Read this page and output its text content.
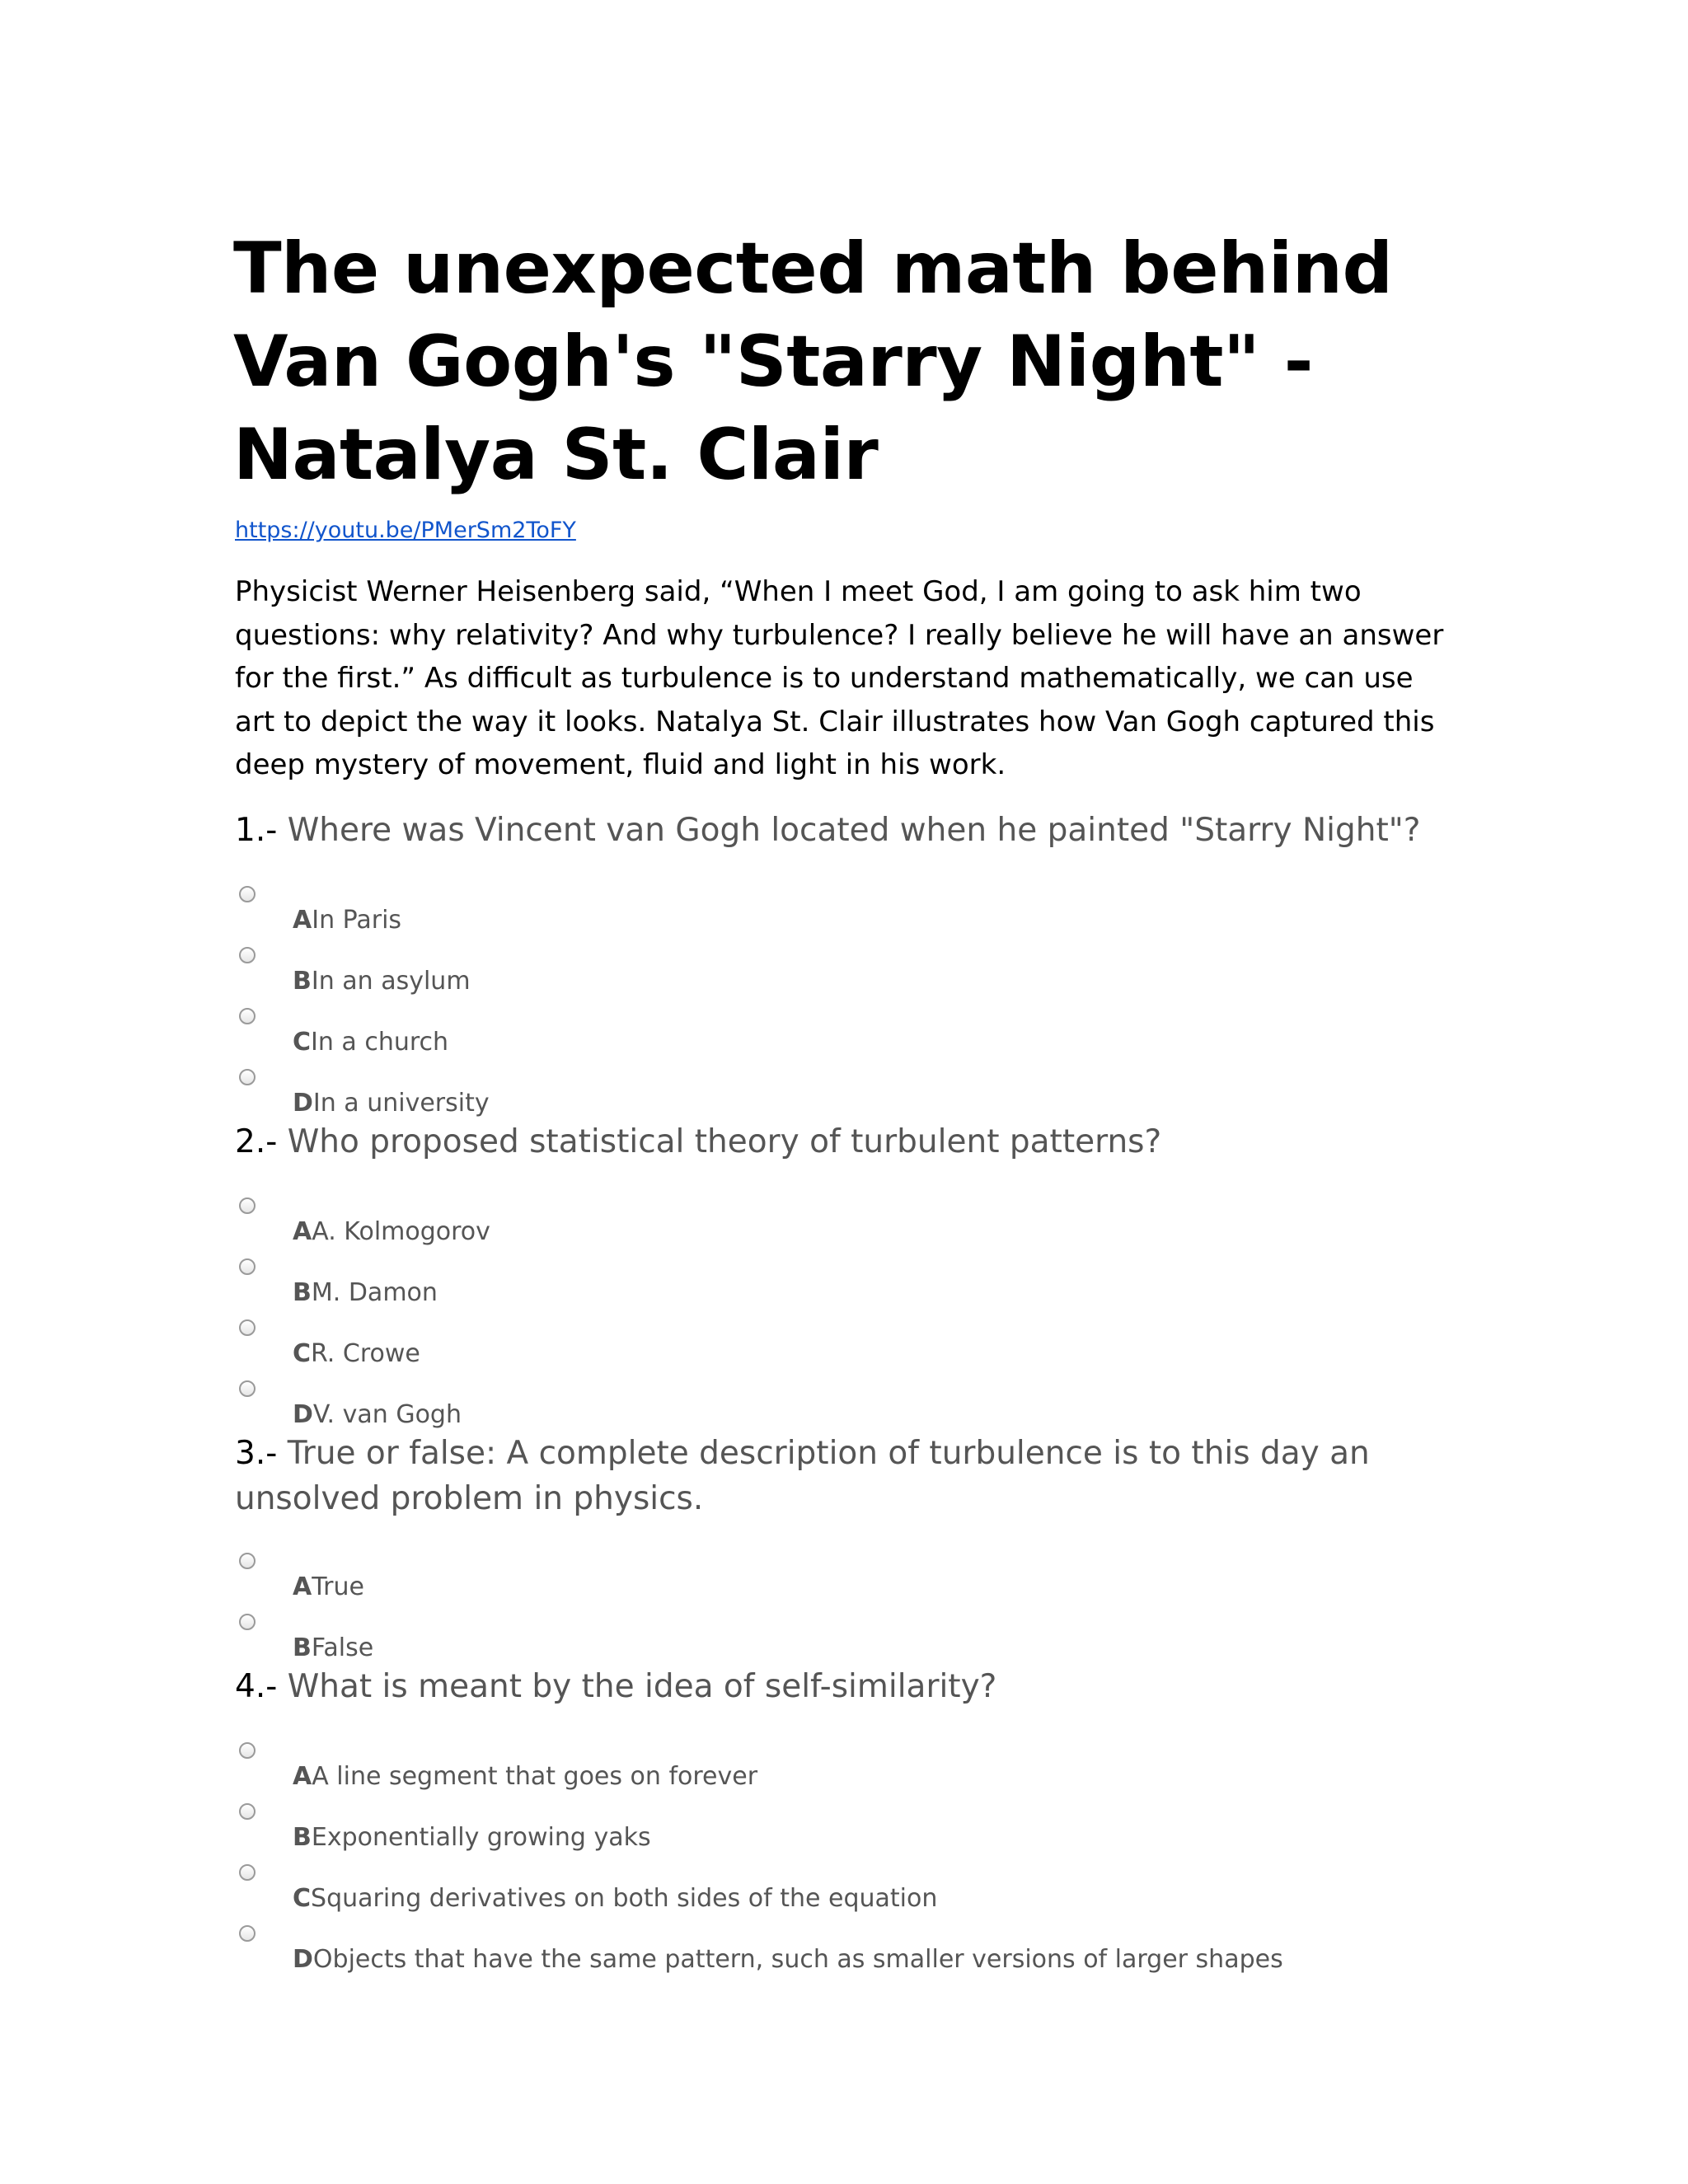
The unexpected math behind Van Gogh's "Starry Night" - Natalya St. Clair
https://youtu.be/PMerSm2ToFY

Physicist Werner Heisenberg said, “When I meet God, I am going to ask him two questions: why relativity? And why turbulence? I really believe he will have an answer for the first.” As difficult as turbulence is to understand mathematically, we can use art to depict the way it looks. Natalya St. Clair illustrates how Van Gogh captured this deep mystery of movement, fluid and light in his work.

1.- Where was Vincent van Gogh located when he painted "Starry Night"?
AIn Paris
BIn an asylum
CIn a church
DIn a university
2.- Who proposed statistical theory of turbulent patterns?
AA. Kolmogorov
BM. Damon
CR. Crowe
DV. van Gogh
3.- True or false: A complete description of turbulence is to this day an unsolved problem in physics.
ATrue
BFalse
4.- What is meant by the idea of self-similarity?
AA line segment that goes on forever
BExponentially growing yaks
CSquaring derivatives on both sides of the equation
DObjects that have the same pattern, such as smaller versions of larger shapes
